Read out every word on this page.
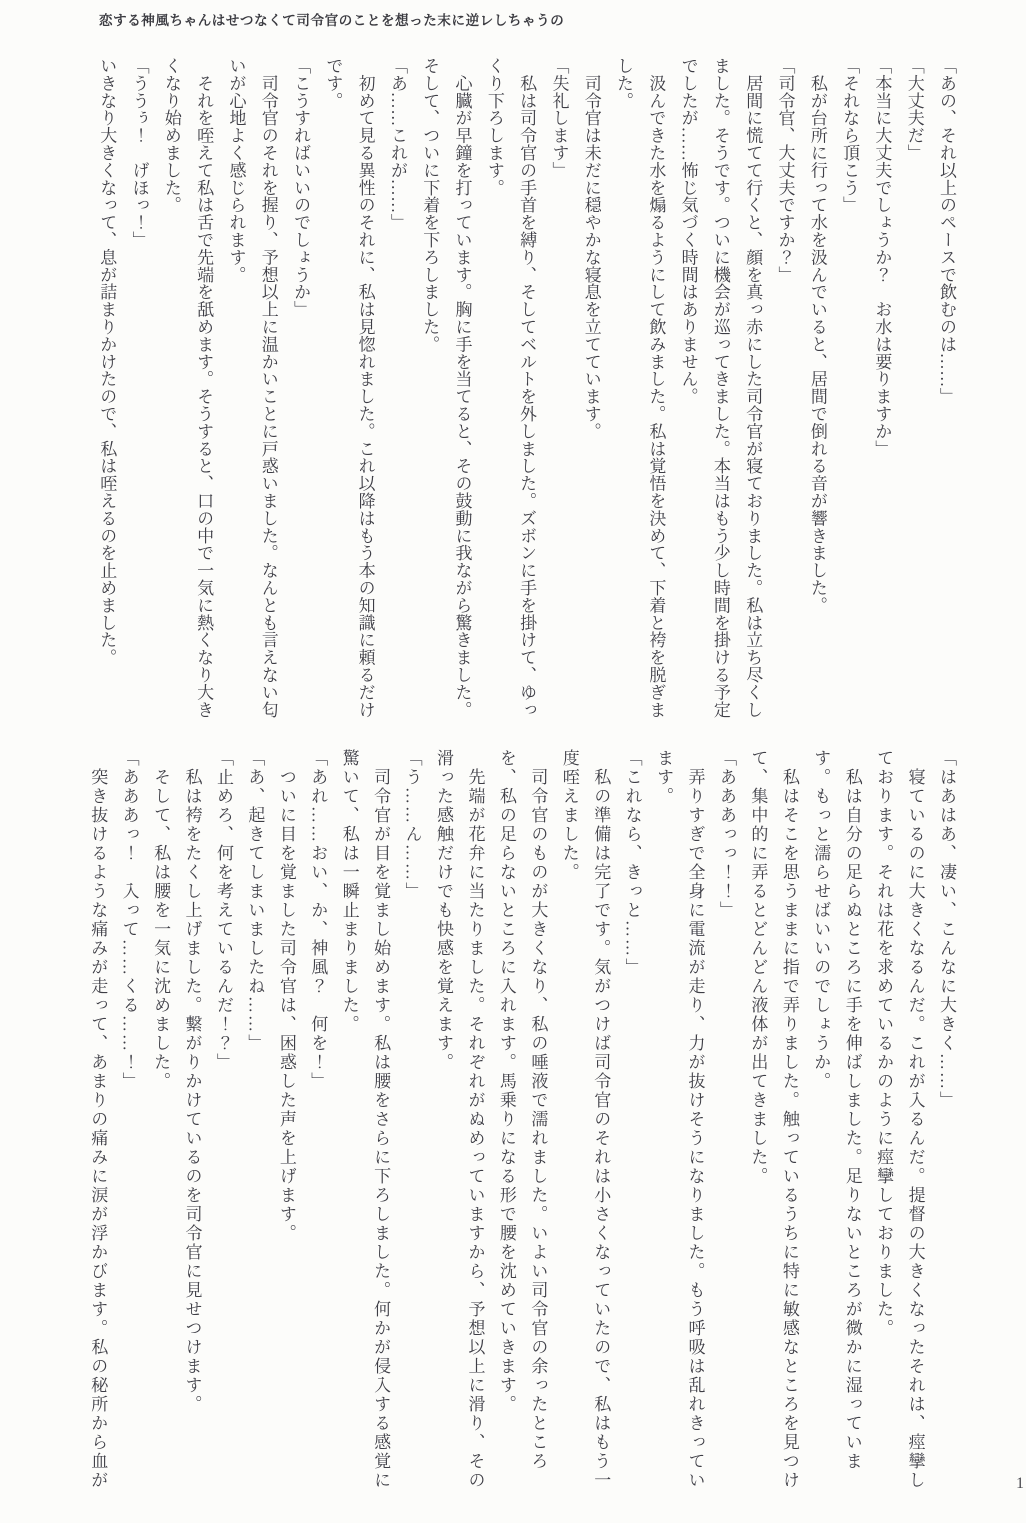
恋する神風ちゃんはせつなくて司令官のことを想った末に逆レしちゃうの

「あの、それ以上のペースで飲むのは……」

「大丈夫だ」

「本当に大丈夫でしょうか？　お水は要りますか」

「それなら頂こう」

　私が台所に行って水を汲んでいると、居間で倒れる音が響きました。

「司令官、大丈夫ですか？」

　居間に慌てて行くと、顔を真っ赤にした司令官が寝ておりました。私は立ち尽くしました。そうです。ついに機会が巡ってきました。本当はもう少し時間を掛ける予定でしたが……怖じ気づく時間はありません。

　汲んできた水を煽るようにして飲みました。私は覚悟を決めて、下着と袴を脱ぎました。

　司令官は未だに穏やかな寝息を立てています。

「失礼します」

　私は司令官の手首を縛り、そしてベルトを外しました。ズボンに手を掛けて、ゆっくり下ろします。

　心臓が早鐘を打っています。胸に手を当てると、その鼓動に我ながら驚きました。そして、ついに下着を下ろしました。

「あ……これが……」

　初めて見る異性のそれに、私は見惚れました。これ以降はもう本の知識に頼るだけです。

「こうすればいいのでしょうか」

　司令官のそれを握り、予想以上に温かいことに戸惑いました。なんとも言えない匂いが心地よく感じられます。

　それを咥えて私は舌で先端を舐めます。そうすると、口の中で一気に熱くなり大きくなり始めました。

「ううぅ！　げほっ！」

いきなり大きくなって、息が詰まりかけたので、私は咥えるのを止めました。

「はあはあ、凄い、こんなに大きく……」

　寝ているのに大きくなるんだ。これが入るんだ。提督の大きくなったそれは、痙攣しております。それは花を求めているかのように痙攣しておりました。

　私は自分の足らぬところに手を伸ばしました。足りないところが微かに湿っています。もっと濡らせばいいのでしょうか。

　私はそこを思うままに指で弄りました。触っているうちに特に敏感なところを見つけて、集中的に弄るとどんどん液体が出てきました。

「あああっっ！！」

　弄りすぎで全身に電流が走り、力が抜けそうになりました。もう呼吸は乱れきっています。

「これなら、きっと……」

　私の準備は完了です。気がつけば司令官のそれは小さくなっていたので、私はもう一度咥えました。

　司令官のものが大きくなり、私の唾液で濡れました。いよい司令官の余ったところを、私の足らないところに入れます。馬乗りになる形で腰を沈めていきます。

　先端が花弁に当たりました。それぞれがぬめっていますから、予想以上に滑り、その滑った感触だけでも快感を覚えます。

「う……ん……」

　司令官が目を覚まし始めます。私は腰をさらに下ろしました。何かが侵入する感覚に驚いて、私は一瞬止まりました。

「あれ……おい、か、神風？　何を！」

　ついに目を覚ました司令官は、困惑した声を上げます。

「あ、起きてしまいましたね……」

「止めろ、何を考えているんだ！？」

　私は袴をたくし上げました。繋がりかけているのを司令官に見せつけます。

　そして、私は腰を一気に沈めました。

「あああっ！　入って……くる……！」

　突き抜けるような痛みが走って、あまりの痛みに涙が浮かびます。私の秘所から血が	1
